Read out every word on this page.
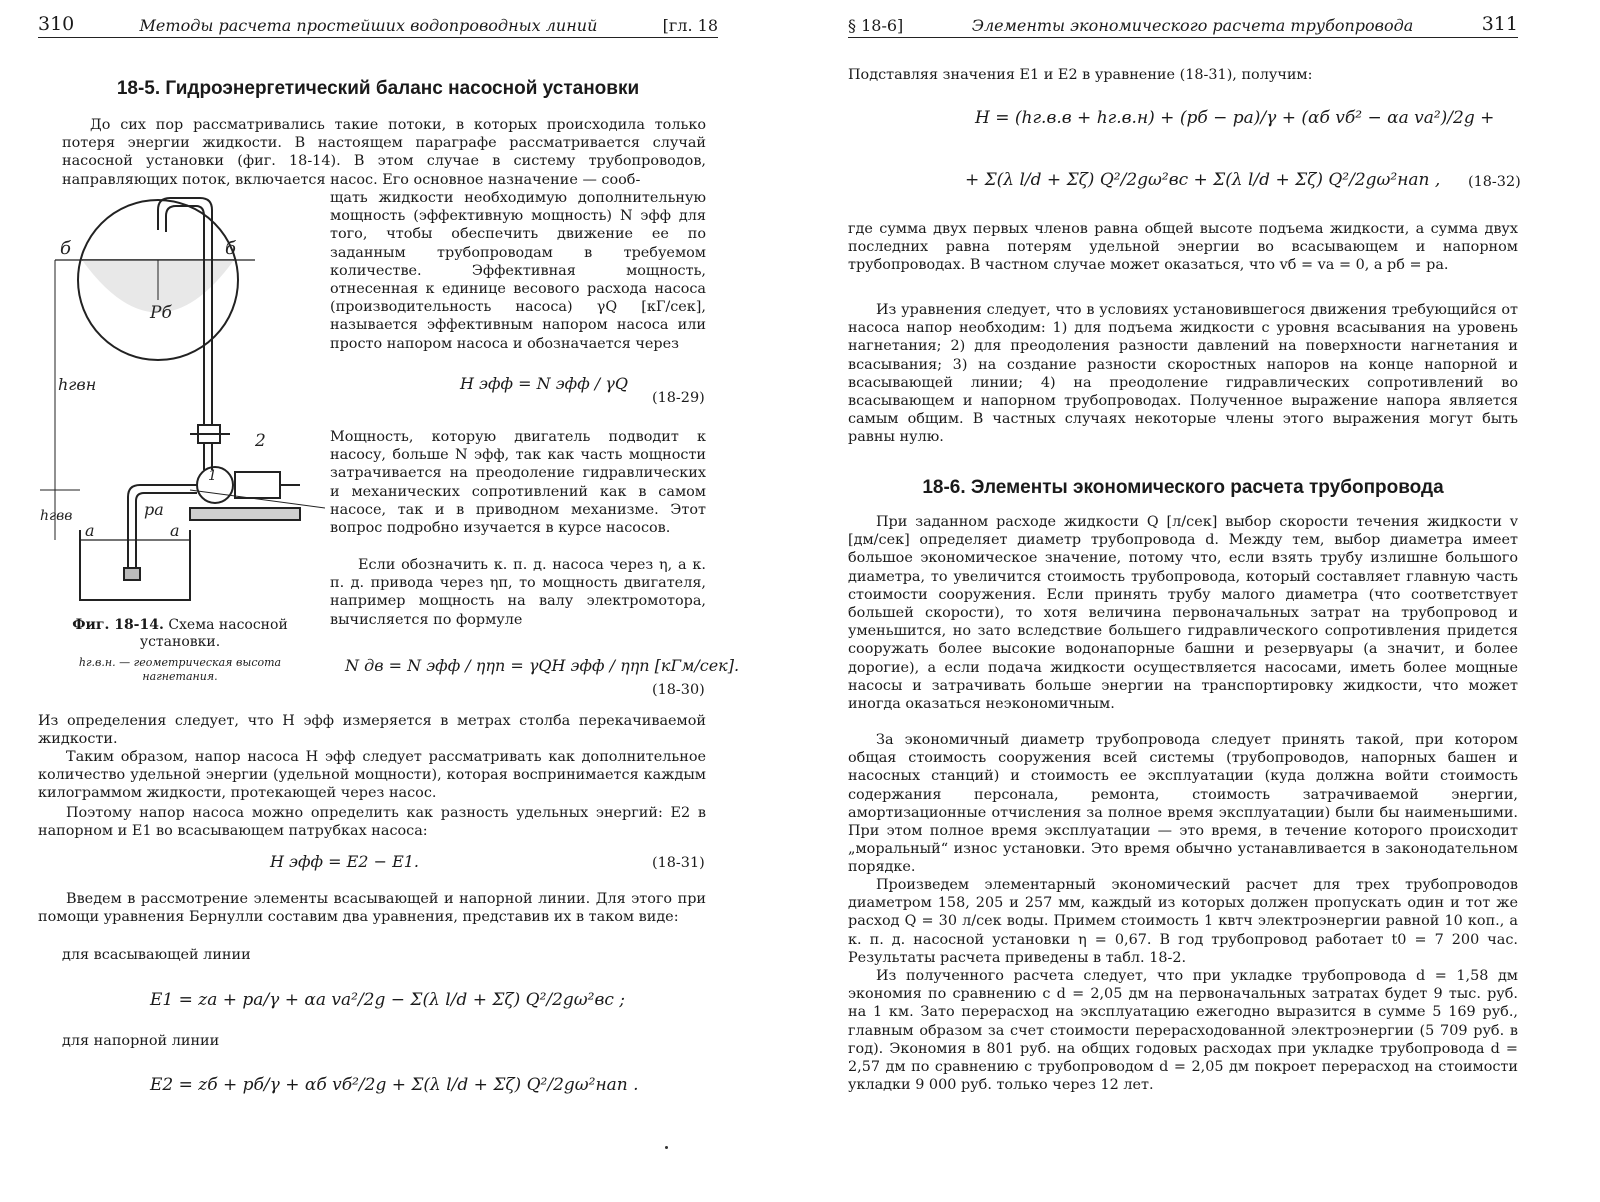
310	Методы расчета простейших водопроводных линий	[гл. 18
18-5. Гидроэнергетический баланс насосной установки

До сих пор рассматривались такие потоки, в которых происходила только потеря энергии жидкости. В настоящем параграфе рассматривается случай насосной установки (фиг. 18-14). В этом случае в систему трубопроводов, направляющих поток, включается насос. Его основное назначение — сооб-

щать жидкости необходимую дополнительную мощность (эффективную мощность) N эфф для того, чтобы обеспечить движение ее по заданным трубопроводам в требуемом количестве. Эффективная мощность, отнесенная к единице весового расхода насоса (производительность насоса) γQ [кГ/сек], называется эффективным напором насоса или просто напором насоса и обозначается через

H эфф = N эфф / γQ
(18-29)

Мощность, которую двигатель подводит к насосу, больше N эфф, так как часть мощности затрачивается на преодоление гидравлических и механических сопротивлений как в самом насосе, так и в приводном механизме. Этот вопрос подробно изучается в курсе насосов.

Если обозначить к. п. д. насоса через η, а к. п. д. привода через ηп, то мощность двигателя, например мощность на валу электромотора, вычисляется по формуле

N дв = N эфф / ηηп = γQH эфф / ηηп [кГм/сек].
(18-30)
б	б
Pб
hгвн
2
1
pa
a	a
hгвв
Фиг. 18-14. Схема насосной установки.
hг.в.н. — геометрическая высота нагнетания.

Из определения следует, что H эфф измеряется в метрах столба перекачиваемой жидкости.

Таким образом, напор насоса H эфф следует рассматривать как дополнительное количество удельной энергии (удельной мощности), которая воспринимается каждым килограммом жидкости, протекающей через насос.

Поэтому напор насоса можно определить как разность удельных энергий: E2 в напорном и E1 во всасывающем патрубках насоса:

H эфф = E2 − E1.	(18-31)

Введем в рассмотрение элементы всасывающей и напорной линии. Для этого при помощи уравнения Бернулли составим два уравнения, представив их в таком виде:

для всасывающей линии
E1 = zа + pа/γ + αа vа²/2g − Σ(λ l/d + Σζ) Q²/2gω²вс ;
для напорной линии
E2 = zб + pб/γ + αб vб²/2g + Σ(λ l/d + Σζ) Q²/2gω²нап .
§ 18-6]	Элементы экономического расчета трубопровода	311

Подставляя значения E1 и E2 в уравнение (18-31), получим:

H = (hг.в.в + hг.в.н) + (pб − pа)/γ + (αб vб² − αа vа²)/2g +
+ Σ(λ l/d + Σζ) Q²/2gω²вс + Σ(λ l/d + Σζ) Q²/2gω²нап , (18-32)

где сумма двух первых членов равна общей высоте подъема жидкости, а сумма двух последних равна потерям удельной энергии во всасывающем и напорном трубопроводах. В частном случае может оказаться, что vб = vа = 0, а pб = pа.

Из уравнения следует, что в условиях установившегося движения требующийся от насоса напор необходим: 1) для подъема жидкости с уровня всасывания на уровень нагнетания; 2) для преодоления разности давлений на поверхности нагнетания и всасывания; 3) на создание разности скоростных напоров на конце напорной и всасывающей линии; 4) на преодоление гидравлических сопротивлений во всасывающем и напорном трубопроводах. Полученное выражение напора является самым общим. В частных случаях некоторые члены этого выражения могут быть равны нулю.

18-6. Элементы экономического расчета трубопровода

При заданном расходе жидкости Q [л/сек] выбор скорости течения жидкости v [дм/сек] определяет диаметр трубопровода d. Между тем, выбор диаметра имеет большое экономическое значение, потому что, если взять трубу излишне большого диаметра, то увеличится стоимость трубопровода, который составляет главную часть стоимости сооружения. Если принять трубу малого диаметра (что соответствует большей скорости), то хотя величина первоначальных затрат на трубопровод и уменьшится, но зато вследствие большего гидравлического сопротивления придется сооружать более высокие водонапорные башни и резервуары (а значит, и более дорогие), а если подача жидкости осуществляется насосами, иметь более мощные насосы и затрачивать больше энергии на транспортировку жидкости, что может иногда оказаться неэкономичным.

За экономичный диаметр трубопровода следует принять такой, при котором общая стоимость сооружения всей системы (трубопроводов, напорных башен и насосных станций) и стоимость ее эксплуатации (куда должна войти стоимость содержания персонала, ремонта, стоимость затрачиваемой энергии, амортизационные отчисления за полное время эксплуатации) были бы наименьшими. При этом полное время эксплуатации — это время, в течение которого происходит „моральный“ износ установки. Это время обычно устанавливается в законодательном порядке.

Произведем элементарный экономический расчет для трех трубопроводов диаметром 158, 205 и 257 мм, каждый из которых должен пропускать один и тот же расход Q = 30 л/сек воды. Примем стоимость 1 квтч электроэнергии равной 10 коп., а к. п. д. насосной установки η = 0,67. В год трубопровод работает t0 = 7 200 час. Результаты расчета приведены в табл. 18-2.

Из полученного расчета следует, что при укладке трубопровода d = 1,58 дм экономия по сравнению с d = 2,05 дм на первоначальных затратах будет 9 тыс. руб. на 1 км. Зато перерасход на эксплуатацию ежегодно выразится в сумме 5 169 руб., главным образом за счет стоимости перерасходованной электроэнергии (5 709 руб. в год). Экономия в 801 руб. на общих годовых расходах при укладке трубопровода d = 2,57 дм по сравнению с трубопроводом d = 2,05 дм покроет перерасход на стоимости укладки 9 000 руб. только через 12 лет.
